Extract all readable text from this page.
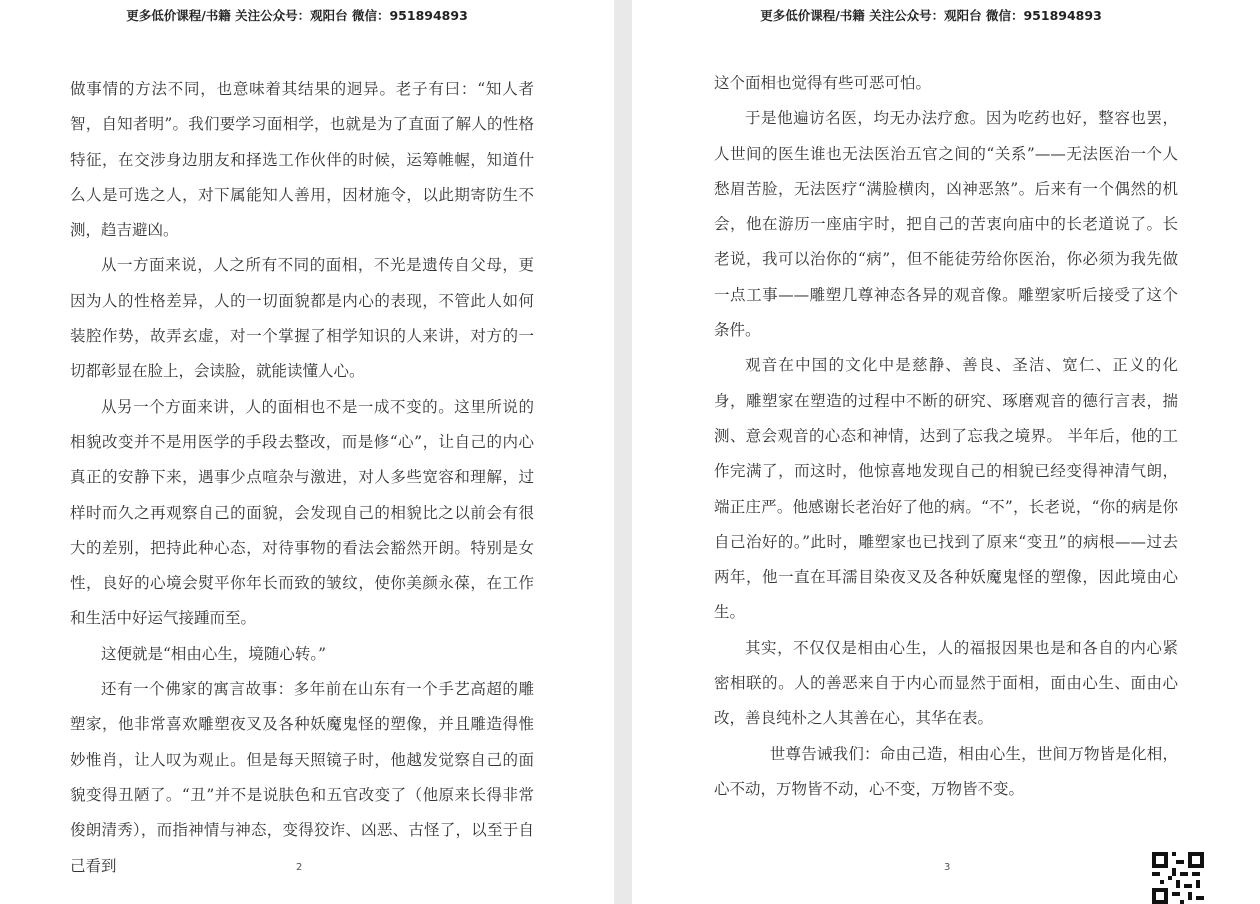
更多低价课程/书籍 关注公众号：观阳台 微信：951894893

做事情的方法不同，也意味着其结果的迥异。老子有曰：“知人者智，自知者明”。我们要学习面相学，也就是为了直面了解人的性格特征，在交涉身边朋友和择选工作伙伴的时候，运筹帷幄，知道什么人是可选之人，对下属能知人善用，因材施令，以此期寄防生不测，趋吉避凶。

从一方面来说，人之所有不同的面相，不光是遗传自父母，更因为人的性格差异，人的一切面貌都是内心的表现，不管此人如何装腔作势，故弄玄虚，对一个掌握了相学知识的人来讲，对方的一切都彰显在脸上，会读脸，就能读懂人心。

从另一个方面来讲，人的面相也不是一成不变的。这里所说的相貌改变并不是用医学的手段去整改，而是修“心”，让自己的内心真正的安静下来，遇事少点喧杂与激进，对人多些宽容和理解，过样时而久之再观察自己的面貌，会发现自己的相貌比之以前会有很大的差别，把持此种心态，对待事物的看法会豁然开朗。特别是女性，良好的心境会熨平你年长而致的皱纹，使你美颜永葆，在工作和生活中好运气接踵而至。

这便就是“相由心生，境随心转。”

还有一个佛家的寓言故事：多年前在山东有一个手艺高超的雕塑家，他非常喜欢雕塑夜叉及各种妖魔鬼怪的塑像，并且雕造得惟妙惟肖，让人叹为观止。但是每天照镜子时，他越发觉察自己的面貌变得丑陋了。“丑”并不是说肤色和五官改变了（他原来长得非常俊朗清秀），而指神情与神态，变得狡诈、凶恶、古怪了，以至于自己看到	2
更多低价课程/书籍 关注公众号：观阳台 微信：951894893

这个面相也觉得有些可恶可怕。

于是他遍访名医，均无办法疗愈。因为吃药也好，整容也罢，人世间的医生谁也无法医治五官之间的“关系”——无法医治一个人愁眉苦脸，无法医疗“满脸横肉，凶神恶煞”。后来有一个偶然的机会，他在游历一座庙宇时，把自己的苦衷向庙中的长老道说了。长老说，我可以治你的“病”，但不能徒劳给你医治，你必须为我先做一点工事——雕塑几尊神态各异的观音像。雕塑家听后接受了这个条件。

观音在中国的文化中是慈静、善良、圣洁、宽仁、正义的化身，雕塑家在塑造的过程中不断的研究、琢磨观音的德行言表，揣测、意会观音的心态和神情，达到了忘我之境界。 半年后，他的工作完满了，而这时，他惊喜地发现自己的相貌已经变得神清气朗，端正庄严。他感谢长老治好了他的病。“不”，长老说，“你的病是你自己治好的。”此时，雕塑家也已找到了原来“变丑”的病根——过去两年，他一直在耳濡目染夜叉及各种妖魔鬼怪的塑像，因此境由心生。

其实，不仅仅是相由心生，人的福报因果也是和各自的内心紧密相联的。人的善恶来自于内心而显然于面相，面由心生、面由心改，善良纯朴之人其善在心，其华在表。

世尊告诫我们：命由己造，相由心生，世间万物皆是化相，心不动，万物皆不动，心不变，万物皆不变。

3
